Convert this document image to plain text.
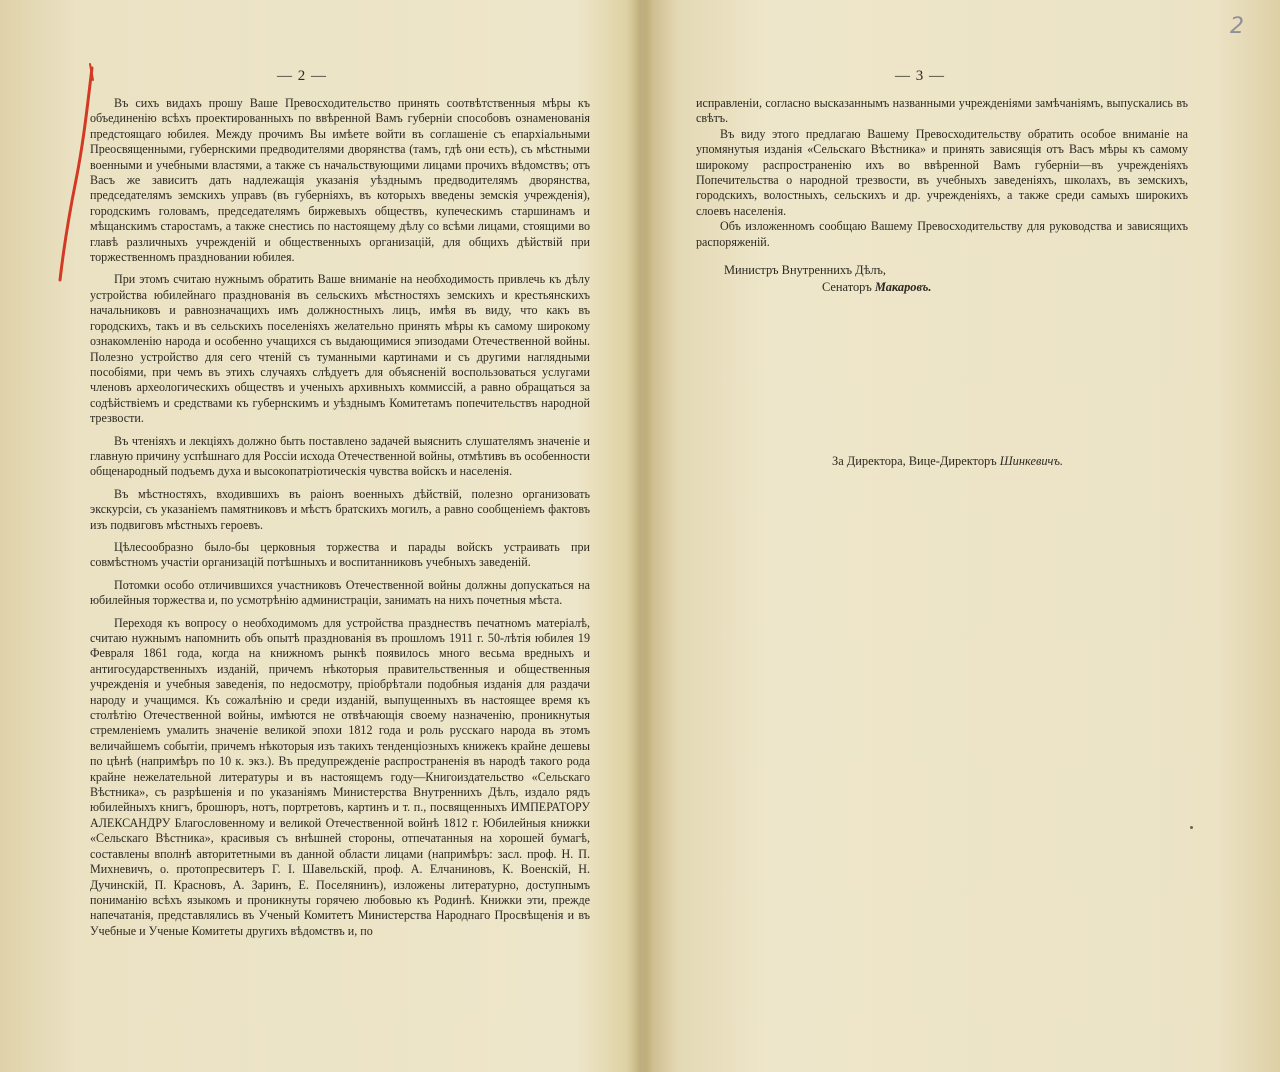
— 2 —

Въ сихъ видахъ прошу Ваше Превосходительство принять соотвѣтственныя мѣры къ объединенію всѣхъ проектированныхъ по ввѣренной Вамъ губерніи способовъ ознаменованія предстоящаго юбилея. Между прочимъ Вы имѣете войти въ соглашеніе съ епархіальными Преосвященными, губернскими предводителями дворянства (тамъ, гдѣ они есть), съ мѣстными военными и учебными властями, а также съ начальствующими лицами прочихъ вѣдомствъ; отъ Васъ же зависитъ дать надлежащія указанія уѣзднымъ предводителямъ дворянства, председателямъ земскихъ управъ (въ губерніяхъ, въ которыхъ введены земскія учрежденія), городскимъ головамъ, председателямъ биржевыхъ обществъ, купеческимъ старшинамъ и мѣщанскимъ старостамъ, а также снестись по настоящему дѣлу со всѣми лицами, стоящими во главѣ различныхъ учрежденій и общественныхъ организацій, для общихъ дѣйствій при торжественномъ праздновании юбилея.

При этомъ считаю нужнымъ обратить Ваше вниманіе на необходимость привлечь къ дѣлу устройства юбилейнаго празднованія въ сельскихъ мѣстностяхъ земскихъ и крестьянскихъ начальниковъ и равнозначащихъ имъ должностныхъ лицъ, имѣя въ виду, что какъ въ городскихъ, такъ и въ сельскихъ поселеніяхъ желательно принять мѣры къ самому широкому ознакомленію народа и особенно учащихся съ выдающимися эпизодами Отечественной войны. Полезно устройство для сего чтеній съ туманными картинами и съ другими наглядными пособіями, при чемъ въ этихъ случаяхъ слѣдуетъ для объясненій воспользоваться услугами членовъ археологическихъ обществъ и ученыхъ архивныхъ коммиссій, а равно обращаться за содѣйствіемъ и средствами къ губернскимъ и уѣзднымъ Комитетамъ попечительствъ народной трезвости.

Въ чтеніяхъ и лекціяхъ должно быть поставлено задачей выяснить слушателямъ значеніе и главную причину успѣшнаго для Россіи исхода Отечественной войны, отмѣтивъ въ особенности общенародный подъемъ духа и высокопатріотическія чувства войскъ и населенія.

Въ мѣстностяхъ, входившихъ въ раіонъ военныхъ дѣйствій, полезно организовать экскурсіи, съ указаніемъ памятниковъ и мѣстъ братскихъ могилъ, а равно сообщеніемъ фактовъ изъ подвиговъ мѣстныхъ героевъ.

Цѣлесообразно было-бы церковныя торжества и парады войскъ устраивать при совмѣстномъ участіи организацій потѣшныхъ и воспитанниковъ учебныхъ заведеній.

Потомки особо отличившихся участниковъ Отечественной войны должны допускаться на юбилейныя торжества и, по усмотрѣнію администраціи, занимать на нихъ почетныя мѣста.

Переходя къ вопросу о необходимомъ для устройства празднествъ печатномъ матеріалѣ, считаю нужнымъ напомнить объ опытѣ празднованія въ прошломъ 1911 г. 50-лѣтія юбилея 19 Февраля 1861 года, когда на книжномъ рынкѣ появилось много весьма вредныхъ и антигосударственныхъ изданій, причемъ нѣкоторыя правительственныя и общественныя учрежденія и учебныя заведенія, по недосмотру, пріобрѣтали подобныя изданія для раздачи народу и учащимся. Къ сожалѣнію и среди изданій, выпущенныхъ въ настоящее время къ столѣтію Отечественной войны, имѣются не отвѣчающія своему назначенію, проникнутыя стремленіемъ умалить значеніе великой эпохи 1812 года и роль русскаго народа въ этомъ величайшемъ событіи, причемъ нѣкоторыя изъ такихъ тенденціозныхъ книжекъ крайне дешевы по цѣнѣ (напримѣръ по 10 к. экз.). Въ предупрежденіе распространенія въ народѣ такого рода крайне нежелательной литературы и въ настоящемъ году—Книгоиздательство «Сельскаго Вѣстника», съ разрѣшенія и по указаніямъ Министерства Внутреннихъ Дѣлъ, издало рядъ юбилейныхъ книгъ, брошюръ, нотъ, портретовъ, картинъ и т. п., посвященныхъ ИМПЕРАТОРУ АЛЕКСАНДРУ Благословенному и великой Отечественной войнѣ 1812 г. Юбилейныя книжки «Сельскаго Вѣстника», красивыя съ внѣшней стороны, отпечатанныя на хорошей бумагѣ, составлены вполнѣ авторитетными въ данной области лицами (напримѣръ: засл. проф. Н. П. Михневичъ, о. протопресвитеръ Г. І. Шавельскій, проф. А. Елчаниновъ, К. Военскій, Н. Дучинскій, П. Красновъ, А. Заринъ, Е. Поселянинъ), изложены литературно, доступнымъ пониманію всѣхъ языкомъ и проникнуты горячею любовью къ Родинѣ. Книжки эти, прежде напечатанія, представлялись въ Ученый Комитетъ Министерства Народнаго Просвѣщенія и въ Учебные и Ученые Комитеты другихъ вѣдомствъ и, по

— 3 —

исправленіи, согласно высказаннымъ названными учрежденіями замѣчаніямъ, выпускались въ свѣтъ.

Въ виду этого предлагаю Вашему Превосходительству обратить особое вниманіе на упомянутыя изданія «Сельскаго Вѣстника» и принять зависящія отъ Васъ мѣры къ самому широкому распространенію ихъ во ввѣренной Вамъ губерніи—въ учрежденіяхъ Попечительства о народной трезвости, въ учебныхъ заведеніяхъ, школахъ, въ земскихъ, городскихъ, волостныхъ, сельскихъ и др. учрежденіяхъ, а также среди самыхъ широкихъ слоевъ населенія.

Объ изложенномъ сообщаю Вашему Превосходительству для руководства и зависящихъ распоряженій.

Министръ Внутреннихъ Дѣлъ,
Сенаторъ Макаровъ.
За Директора, Вице-Директоръ Шинкевичъ.
2
